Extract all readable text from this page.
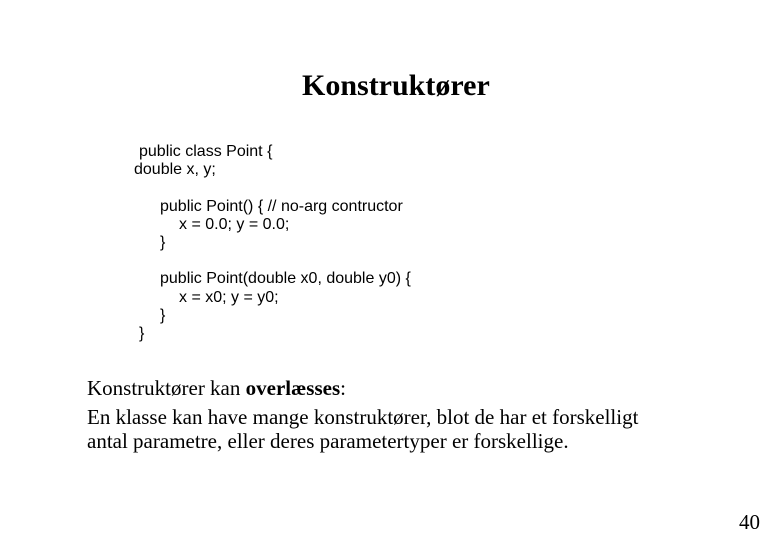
Konstruktører
public class Point {
double x, y;
public Point() { // no-arg contructor
x = 0.0; y = 0.0;
}
public Point(double x0, double y0) {
x = x0; y = y0;
}
}
Konstruktører kan overlæsses:
En klasse kan have mange konstruktører, blot de har et forskelligt
antal parametre, eller deres parametertyper er forskellige.
40
